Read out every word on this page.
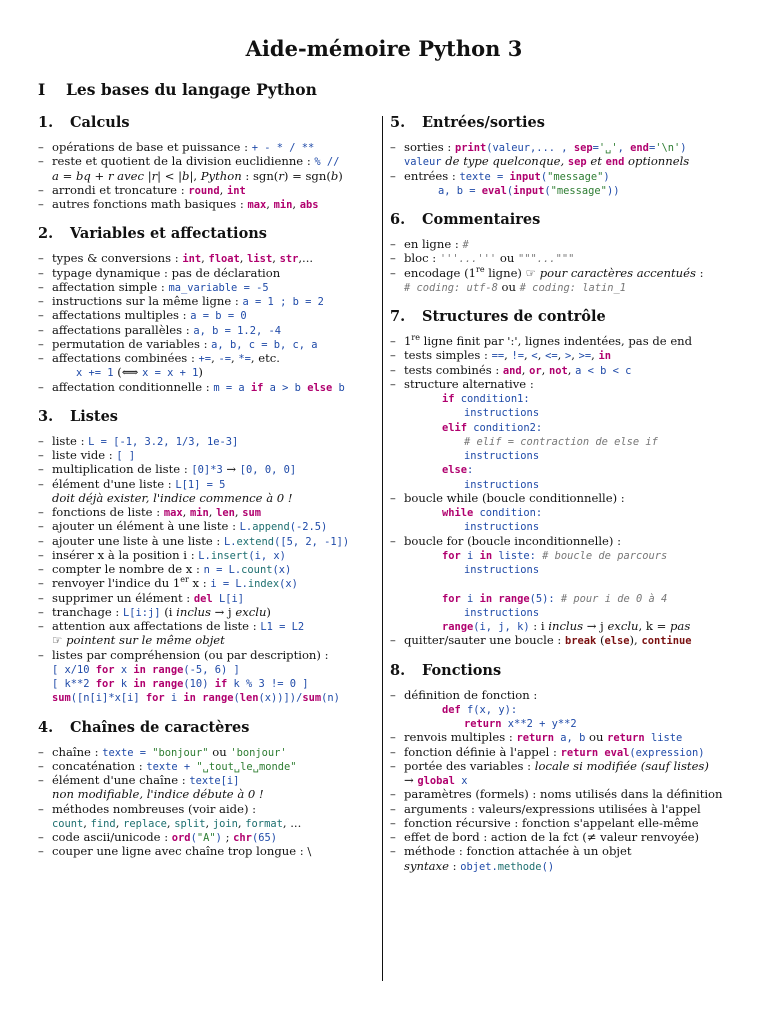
Aide-mémoire Python 3
I Les bases du langage Python
1. Calculs
– opérations de base et puissance : + - * / **
– reste et quotient de la division euclidienne : % //
a = bq + r avec |r| < |b|, Python : sgn(r) = sgn(b)
– arrondi et troncature : round, int
– autres fonctions math basiques : max, min, abs
2. Variables et affectations
– types & conversions : int, float, list, str,...
– typage dynamique : pas de déclaration
– affectation simple : ma_variable = -5
– instructions sur la même ligne : a = 1 ; b = 2
– affectations multiples : a = b = 0
– affectations parallèles : a, b = 1.2, -4
– permutation de variables : a, b, c = b, c, a
– affectations combinées : +=, -=, *=, etc.
x += 1 (⟺ x = x + 1)
– affectation conditionnelle : m = a if a > b else b
3. Listes
– liste : L = [-1, 3.2, 1/3, 1e-3]
– liste vide : [ ]
– multiplication de liste : [0]*3 → [0, 0, 0]
– élément d'une liste : L[1] = 5
doit déjà exister, l'indice commence à 0 !
– fonctions de liste : max, min, len, sum
– ajouter un élément à une liste : L.append(-2.5)
– ajouter une liste à une liste : L.extend([5, 2, -1])
– insérer x à la position i : L.insert(i, x)
– compter le nombre de x : n = L.count(x)
– renvoyer l'indice du 1er x : i = L.index(x)
– supprimer un élément : del L[i]
– tranchage : L[i:j] (i inclus → j exclu)
– attention aux affectations de liste : L1 = L2
☞ pointent sur le même objet
– listes par compréhension (ou par description) :
[ x/10 for x in range(-5, 6) ]
[ k**2 for k in range(10) if k % 3 != 0 ]
sum([n[i]*x[i] for i in range(len(x))])/sum(n)
4. Chaînes de caractères
– chaîne : texte = "bonjour" ou 'bonjour'
– concaténation : texte + "␣tout␣le␣monde"
– élément d'une chaîne : texte[i]
non modifiable, l'indice débute à 0 !
– méthodes nombreuses (voir aide) :
count, find, replace, split, join, format, ...
– code ascii/unicode : ord("A") ; chr(65)
– couper une ligne avec chaîne trop longue : \
5. Entrées/sorties
– sorties : print(valeur,... , sep='␣', end='\n')
valeur de type quelconque, sep et end optionnels
– entrées : texte = input("message")
a, b = eval(input("message"))
6. Commentaires
– en ligne : #
– bloc : '''...''' ou """..."""
– encodage (1re ligne) ☞ pour caractères accentués :
# coding: utf-8 ou # coding: latin_1
7. Structures de contrôle
– 1re ligne finit par ':', lignes indentées, pas de end
– tests simples : ==, !=, <, <=, >, >=, in
– tests combinés : and, or, not, a < b < c
– structure alternative :
if condition1:
instructions
elif condition2:
# elif = contraction de else if
instructions
else:
instructions
– boucle while (boucle conditionnelle) :
while condition:
instructions
– boucle for (boucle inconditionnelle) :
for i in liste: # boucle de parcours
instructions
for i in range(5): # pour i de 0 à 4
instructions
range(i, j, k) : i inclus → j exclu, k = pas
– quitter/sauter une boucle : break (else), continue
8. Fonctions
– définition de fonction :
def f(x, y):
return x**2 + y**2
– renvois multiples : return a, b ou return liste
– fonction définie à l'appel : return eval(expression)
– portée des variables : locale si modifiée (sauf listes)
→ global x
– paramètres (formels) : noms utilisés dans la définition
– arguments : valeurs/expressions utilisées à l'appel
– fonction récursive : fonction s'appelant elle-même
– effet de bord : action de la fct (≠ valeur renvoyée)
– méthode : fonction attachée à un objet
syntaxe : objet.methode()
